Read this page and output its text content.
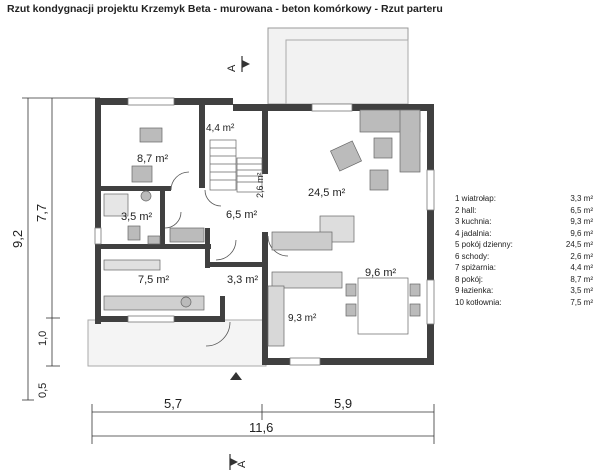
Rzut kondygnacji projektu Krzemyk Beta - murowana - beton komórkowy - Rzut parteru
4,4 m²
8,7 m²
2,6 m²	24,5 m²
3,5 m²	6,5 m²
7,5 m²	3,3 m²
9,6 m²
9,3 m²
9,2
7,7
1,0
0,5
5,7	5,9
11,6
A
A
1 wiatrołap:	3,3 m²
2 hall:	6,5 m²
3 kuchnia:	9,3 m²
4 jadalnia:	9,6 m²
5 pokój dzienny:	24,5 m²
6 schody:	2,6 m²
7 spiżarnia:	4,4 m²
8 pokój:	8,7 m²
9 łazienka:	3,5 m²
10 kotłownia:	7,5 m²
